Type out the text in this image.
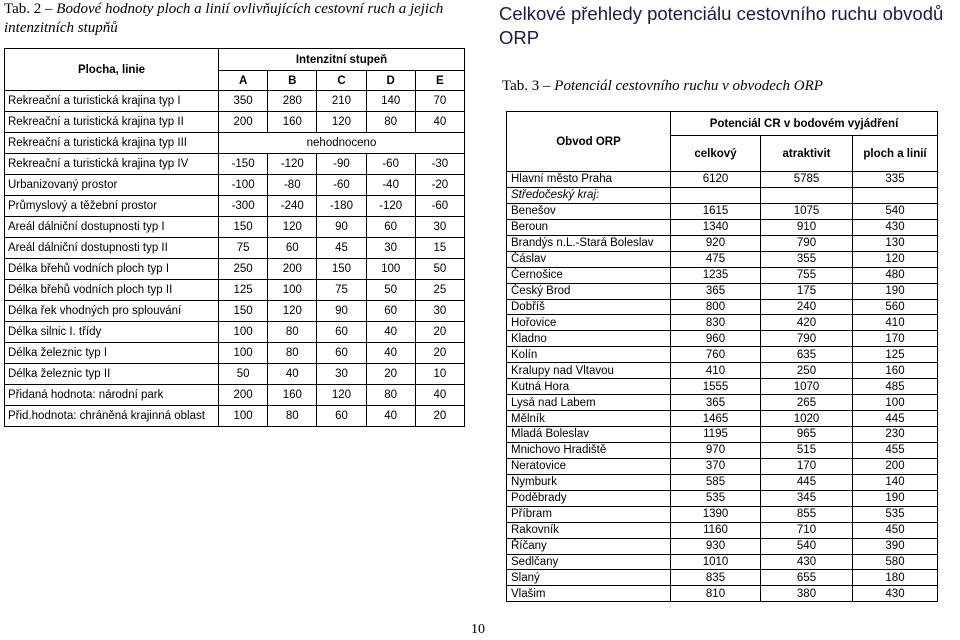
Tab. 2 – Bodové hodnoty ploch a linií ovlivňujících cestovní ruch a jejich intenzitních stupňů
Plocha, linie	Intenzitní stupeň				
	A	B	C	D	E
Rekreační a turistická krajina typ I	350	280	210	140	70
Rekreační a turistická krajina typ II	200	160	120	80	40
Rekreační a turistická krajina typ III	nehodnoceno				
Rekreační a turistická krajina typ IV	-150	-120	-90	-60	-30
Urbanizovaný prostor	-100	-80	-60	-40	-20
Průmyslový a těžební prostor	-300	-240	-180	-120	-60
Areál dálniční dostupnosti typ I	150	120	90	60	30
Areál dálniční dostupnosti typ II	75	60	45	30	15
Délka břehů vodních ploch typ I	250	200	150	100	50
Délka břehů vodních ploch typ II	125	100	75	50	25
Délka řek vhodných pro splouvání	150	120	90	60	30
Délka silnic I. třídy	100	80	60	40	20
Délka železnic typ I	100	80	60	40	20
Délka železnic typ II	50	40	30	20	10
Přidaná hodnota: národní park	200	160	120	80	40
Přid.hodnota: chráněná krajinná oblast	100	80	60	40	20
Celkové přehledy potenciálu cestovního ruchu obvodů ORP
Tab. 3 – Potenciál cestovního ruchu v obvodech ORP
Obvod ORP	Potenciál CR v bodovém vyjádření		
	celkový	atraktivit	ploch a linií
Hlavní město Praha	6120	5785	335
Středočeský kraj:			
Benešov	1615	1075	540
Beroun	1340	910	430
Brandýs n.L.-Stará Boleslav	920	790	130
Čáslav	475	355	120
Černošice	1235	755	480
Český Brod	365	175	190
Dobříš	800	240	560
Hořovice	830	420	410
Kladno	960	790	170
Kolín	760	635	125
Kralupy nad Vltavou	410	250	160
Kutná Hora	1555	1070	485
Lysá nad Labem	365	265	100
Mělník	1465	1020	445
Mladá Boleslav	1195	965	230
Mnichovo Hradiště	970	515	455
Neratovice	370	170	200
Nymburk	585	445	140
Poděbrady	535	345	190
Příbram	1390	855	535
Rakovník	1160	710	450
Říčany	930	540	390
Sedlčany	1010	430	580
Slaný	835	655	180
Vlašim	810	380	430
10
